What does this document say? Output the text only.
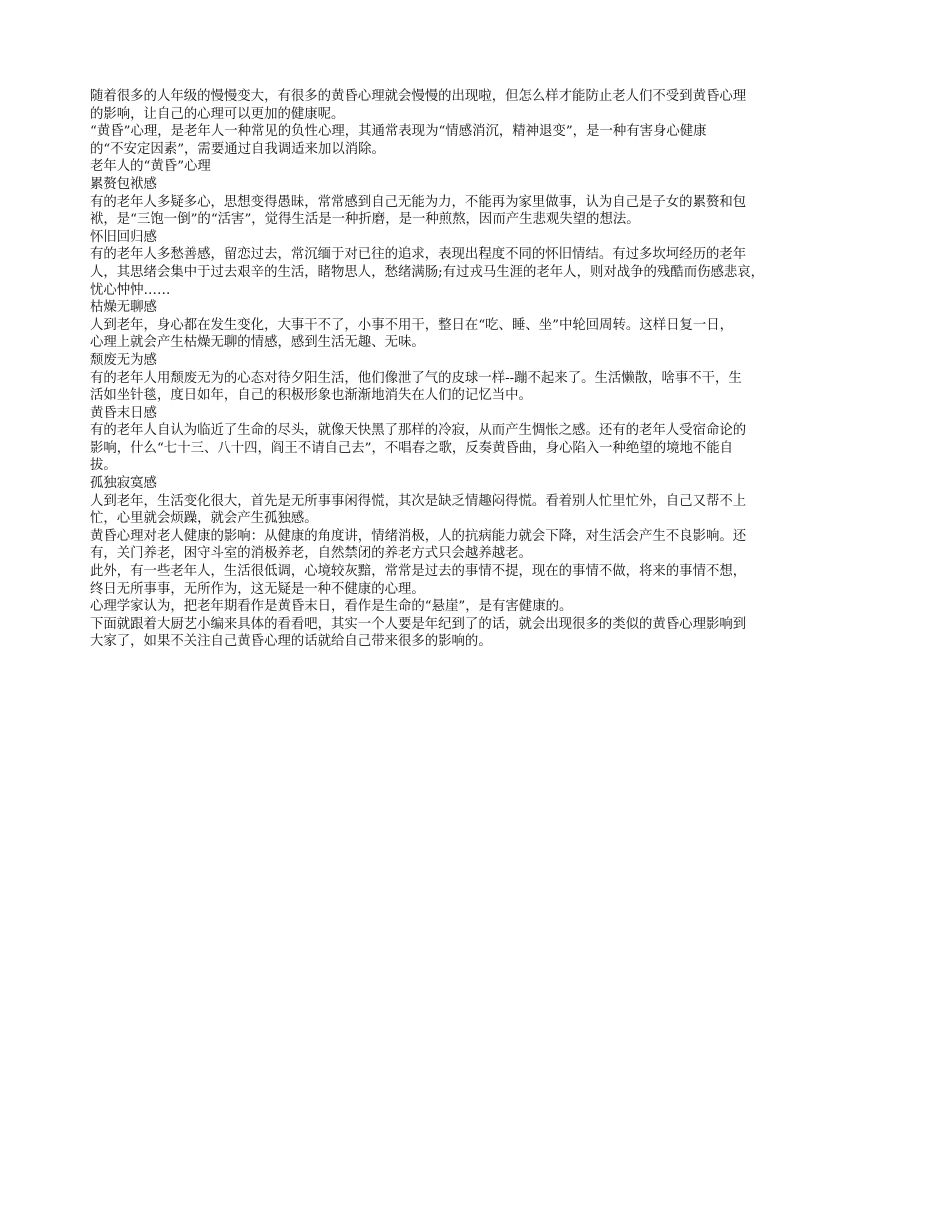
随着很多的人年级的慢慢变大，有很多的黄昏心理就会慢慢的出现啦，但怎么样才能防止老人们不受到黄昏心理

的影响，让自己的心理可以更加的健康呢。

“黄昏”心理，是老年人一种常见的负性心理，其通常表现为“情感消沉，精神退变”，是一种有害身心健康

的“不安定因素”，需要通过自我调适来加以消除。

老年人的“黄昏”心理

累赘包袱感

有的老年人多疑多心，思想变得愚昧，常常感到自己无能为力，不能再为家里做事，认为自己是子女的累赘和包

袱，是“三饱一倒”的“活害”，觉得生活是一种折磨，是一种煎熬，因而产生悲观失望的想法。

怀旧回归感

有的老年人多愁善感，留恋过去，常沉缅于对已往的追求，表现出程度不同的怀旧情结。有过多坎坷经历的老年

人，其思绪会集中于过去艰辛的生活，睹物思人，愁绪满肠;有过戎马生涯的老年人，则对战争的残酷而伤感悲哀，

忧心忡忡……

枯燥无聊感

人到老年，身心都在发生变化，大事干不了，小事不用干，整日在“吃、睡、坐”中轮回周转。这样日复一日，

心理上就会产生枯燥无聊的情感，感到生活无趣、无味。

颓废无为感

有的老年人用颓废无为的心态对待夕阳生活，他们像泄了气的皮球一样--蹦不起来了。生活懒散，啥事不干，生

活如坐针毯，度日如年，自己的积极形象也渐渐地消失在人们的记忆当中。

黄昏末日感

有的老年人自认为临近了生命的尽头，就像天快黑了那样的冷寂，从而产生惆怅之感。还有的老年人受宿命论的

影响，什么“七十三、八十四，阎王不请自己去”，不唱春之歌，反奏黄昏曲，身心陷入一种绝望的境地不能自

拔。

孤独寂寞感

人到老年，生活变化很大，首先是无所事事闲得慌，其次是缺乏情趣闷得慌。看着别人忙里忙外，自己又帮不上

忙，心里就会烦躁，就会产生孤独感。

黄昏心理对老人健康的影响：从健康的角度讲，情绪消极，人的抗病能力就会下降，对生活会产生不良影响。还

有，关门养老，困守斗室的消极养老，自然禁闭的养老方式只会越养越老。

此外，有一些老年人，生活很低调，心境较灰黯，常常是过去的事情不提，现在的事情不做，将来的事情不想，

终日无所事事，无所作为，这无疑是一种不健康的心理。

心理学家认为，把老年期看作是黄昏末日，看作是生命的“悬崖”，是有害健康的。

下面就跟着大厨艺小编来具体的看看吧，其实一个人要是年纪到了的话，就会出现很多的类似的黄昏心理影响到

大家了，如果不关注自己黄昏心理的话就给自己带来很多的影响的。
